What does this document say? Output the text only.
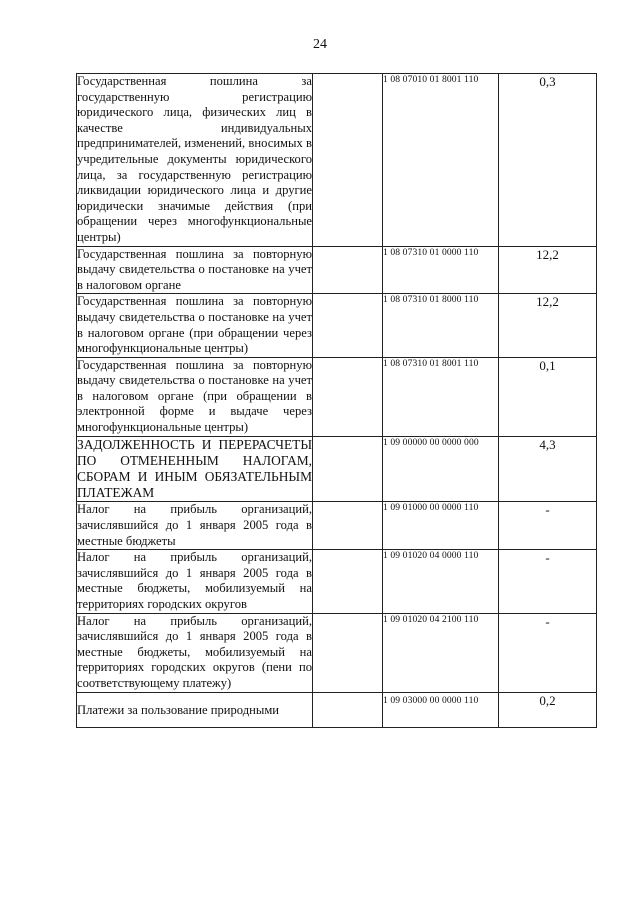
24
Государственная пошлина за государственную регистрацию юридического лица, физических лиц в качестве индивидуальных предпринимателей, изменений, вносимых в учредительные документы юридического лица, за государственную регистрацию ликвидации юридического лица и другие юридически значимые действия (при обращении через многофункциональные центры)		1 08 07010 01 8001 110	0,3
Государственная пошлина за повторную выдачу свидетельства о постановке на учет в налоговом органе		1 08 07310 01 0000 110	12,2
Государственная пошлина за повторную выдачу свидетельства о постановке на учет в налоговом органе (при обращении через многофункциональные центры)		1 08 07310 01 8000 110	12,2
Государственная пошлина за повторную выдачу свидетельства о постановке на учет в налоговом органе (при обращении в электронной форме и выдаче через многофункциональные центры)		1 08 07310 01 8001 110	0,1
ЗАДОЛЖЕННОСТЬ И ПЕРЕРАСЧЕТЫ ПО ОТМЕНЕННЫМ НАЛОГАМ, СБОРАМ И ИНЫМ ОБЯЗАТЕЛЬНЫМ ПЛАТЕЖАМ		1 09 00000 00 0000 000	4,3
Налог на прибыль организаций, зачислявшийся до 1 января 2005 года в местные бюджеты		1 09 01000 00 0000 110	-
Налог на прибыль организаций, зачислявшийся до 1 января 2005 года в местные бюджеты, мобилизуемый на территориях городских округов		1 09 01020 04 0000 110	-
Налог на прибыль организаций, зачислявшийся до 1 января 2005 года в местные бюджеты, мобилизуемый на территориях городских округов (пени по соответствующему платежу)		1 09 01020 04 2100 110	-
Платежи за пользование природными		1 09 03000 00 0000 110	0,2
